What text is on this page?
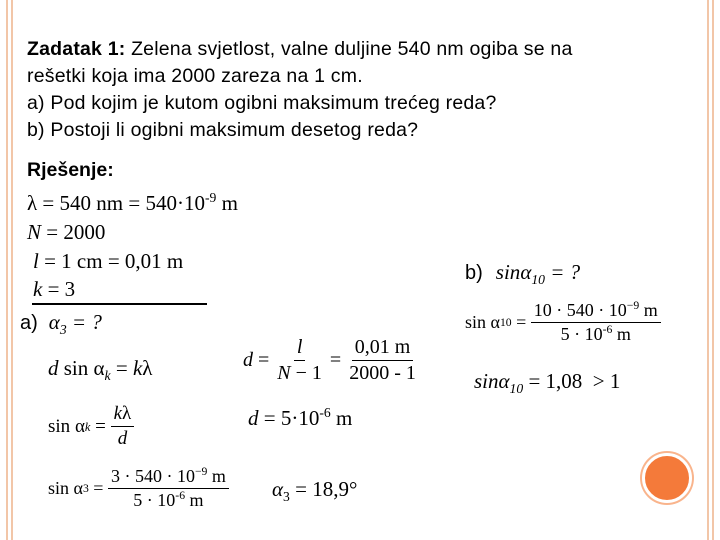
Zadatak 1: Zelena svjetlost, valne duljine 540 nm ogiba se na
rešetki koja ima 2000 zareza na 1 cm.
a) Pod kojim je kutom ogibni maksimum trećeg reda?
b) Postoji li ogibni maksimum desetog reda?
Rješenje:
λ = 540 nm = $540\cdot 10^{-9}$ m
N = 2000
l = 1 cm = 0,01 m
k = 3
a) $\alpha_3$ = ?
d $\sin \alpha_k = k\lambda$	$d = \frac{l}{N - 1} = \frac{0,01 m}{2000 - 1}$
sin α $k = \frac{k\lambda}{d}$	$d = 5\cdot 10^{-6}$ m
sin α $3 = \frac{3 \cdot 540 \cdot 10^{-9} m}{5 \cdot 10^{-6} m} \alpha_3 = 18,9^\circ$
b) sinα$_{10}$ = ?
sin α $10 = \frac{10 \cdot 540 \cdot 10^{-9} m}{5 \cdot 10^{-6} m}$
sinα$_{10}$ = 1,08  > 1
